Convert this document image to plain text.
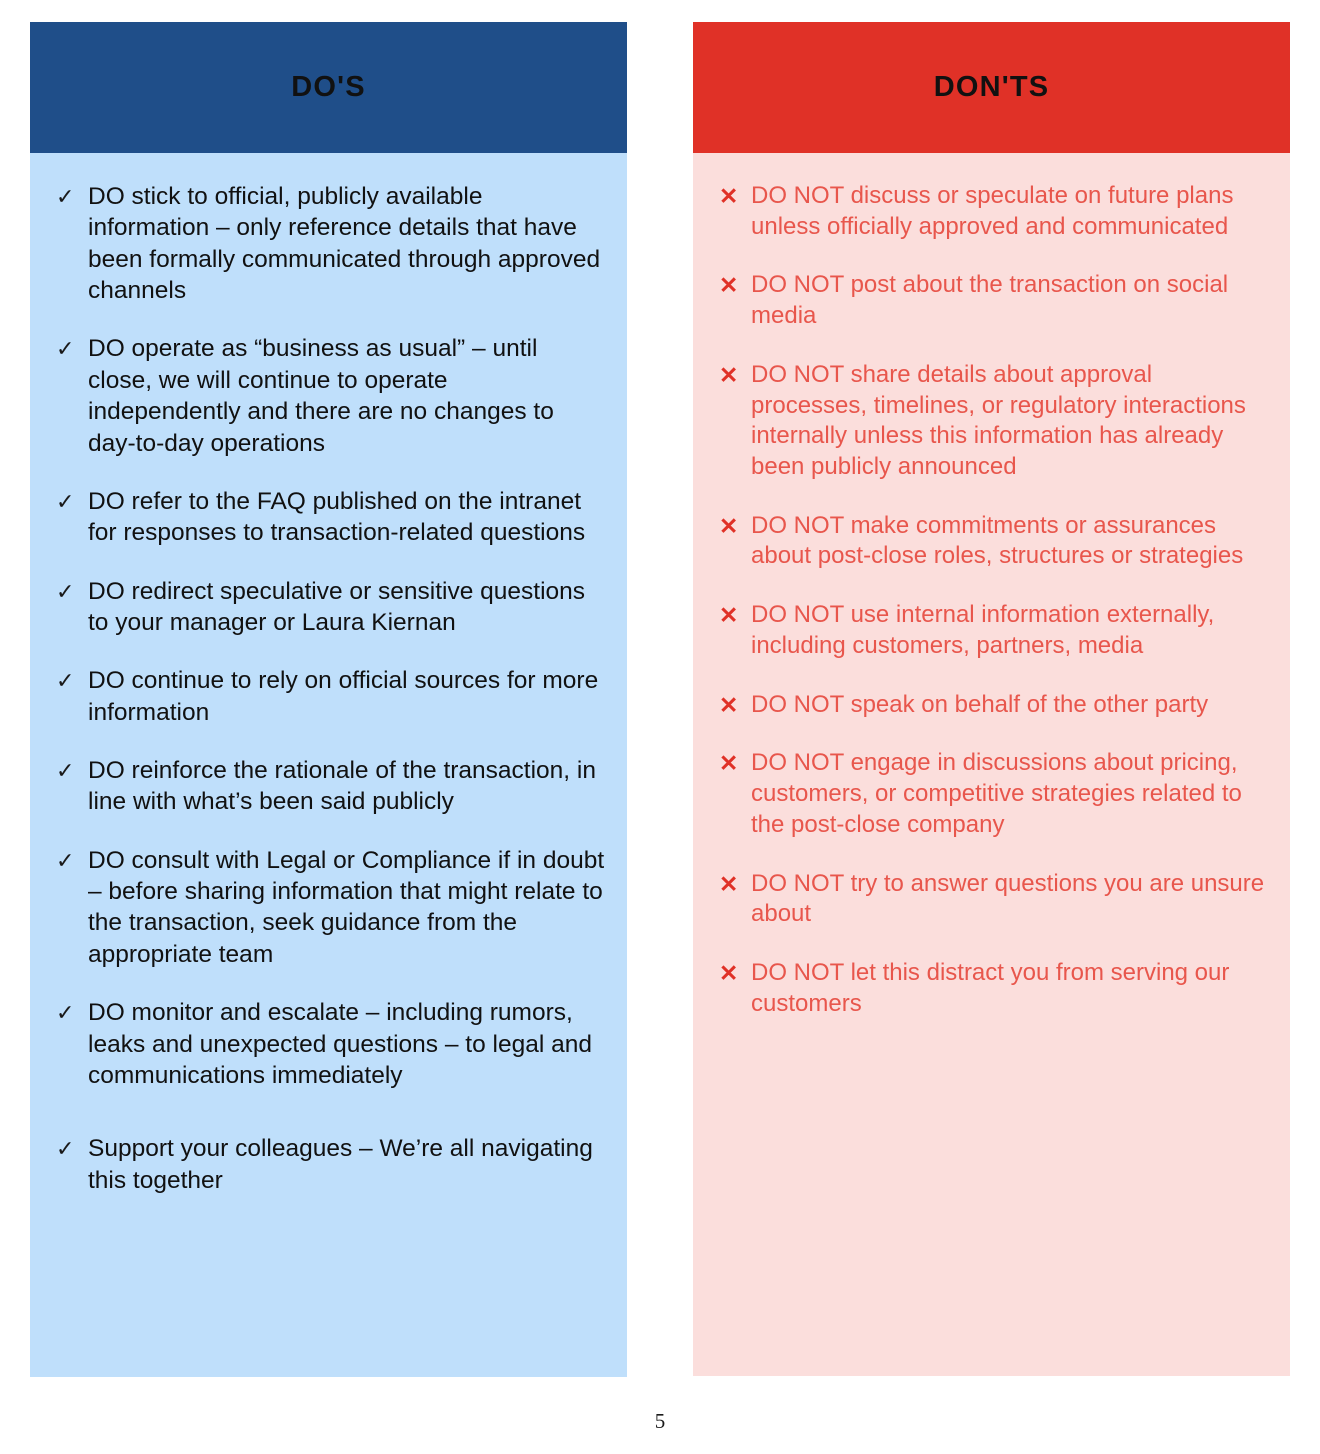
DO'S
✓ DO stick to official, publicly available information – only reference details that have been formally communicated through approved channels
✓ DO operate as “business as usual” – until close, we will continue to operate independently and there are no changes to day-to-day operations
✓ DO refer to the FAQ published on the intranet for responses to transaction-related questions
✓ DO redirect speculative or sensitive questions to your manager or Laura Kiernan
✓ DO continue to rely on official sources for more information
✓ DO reinforce the rationale of the transaction, in line with what’s been said publicly
✓ DO consult with Legal or Compliance if in doubt – before sharing information that might relate to the transaction, seek guidance from the appropriate team
✓ DO monitor and escalate – including rumors, leaks and unexpected questions – to legal and communications immediately
✓ Support your colleagues – We’re all navigating this together
DON'TS
✕ DO NOT discuss or speculate on future plans unless officially approved and communicated
✕ DO NOT post about the transaction on social media
✕ DO NOT share details about approval processes, timelines, or regulatory interactions internally unless this information has already been publicly announced
✕ DO NOT make commitments or assurances about post-close roles, structures or strategies
✕ DO NOT use internal information externally, including customers, partners, media
✕ DO NOT speak on behalf of the other party
✕ DO NOT engage in discussions about pricing, customers, or competitive strategies related to the post-close company
✕ DO NOT try to answer questions you are unsure about
✕ DO NOT let this distract you from serving our customers
5
